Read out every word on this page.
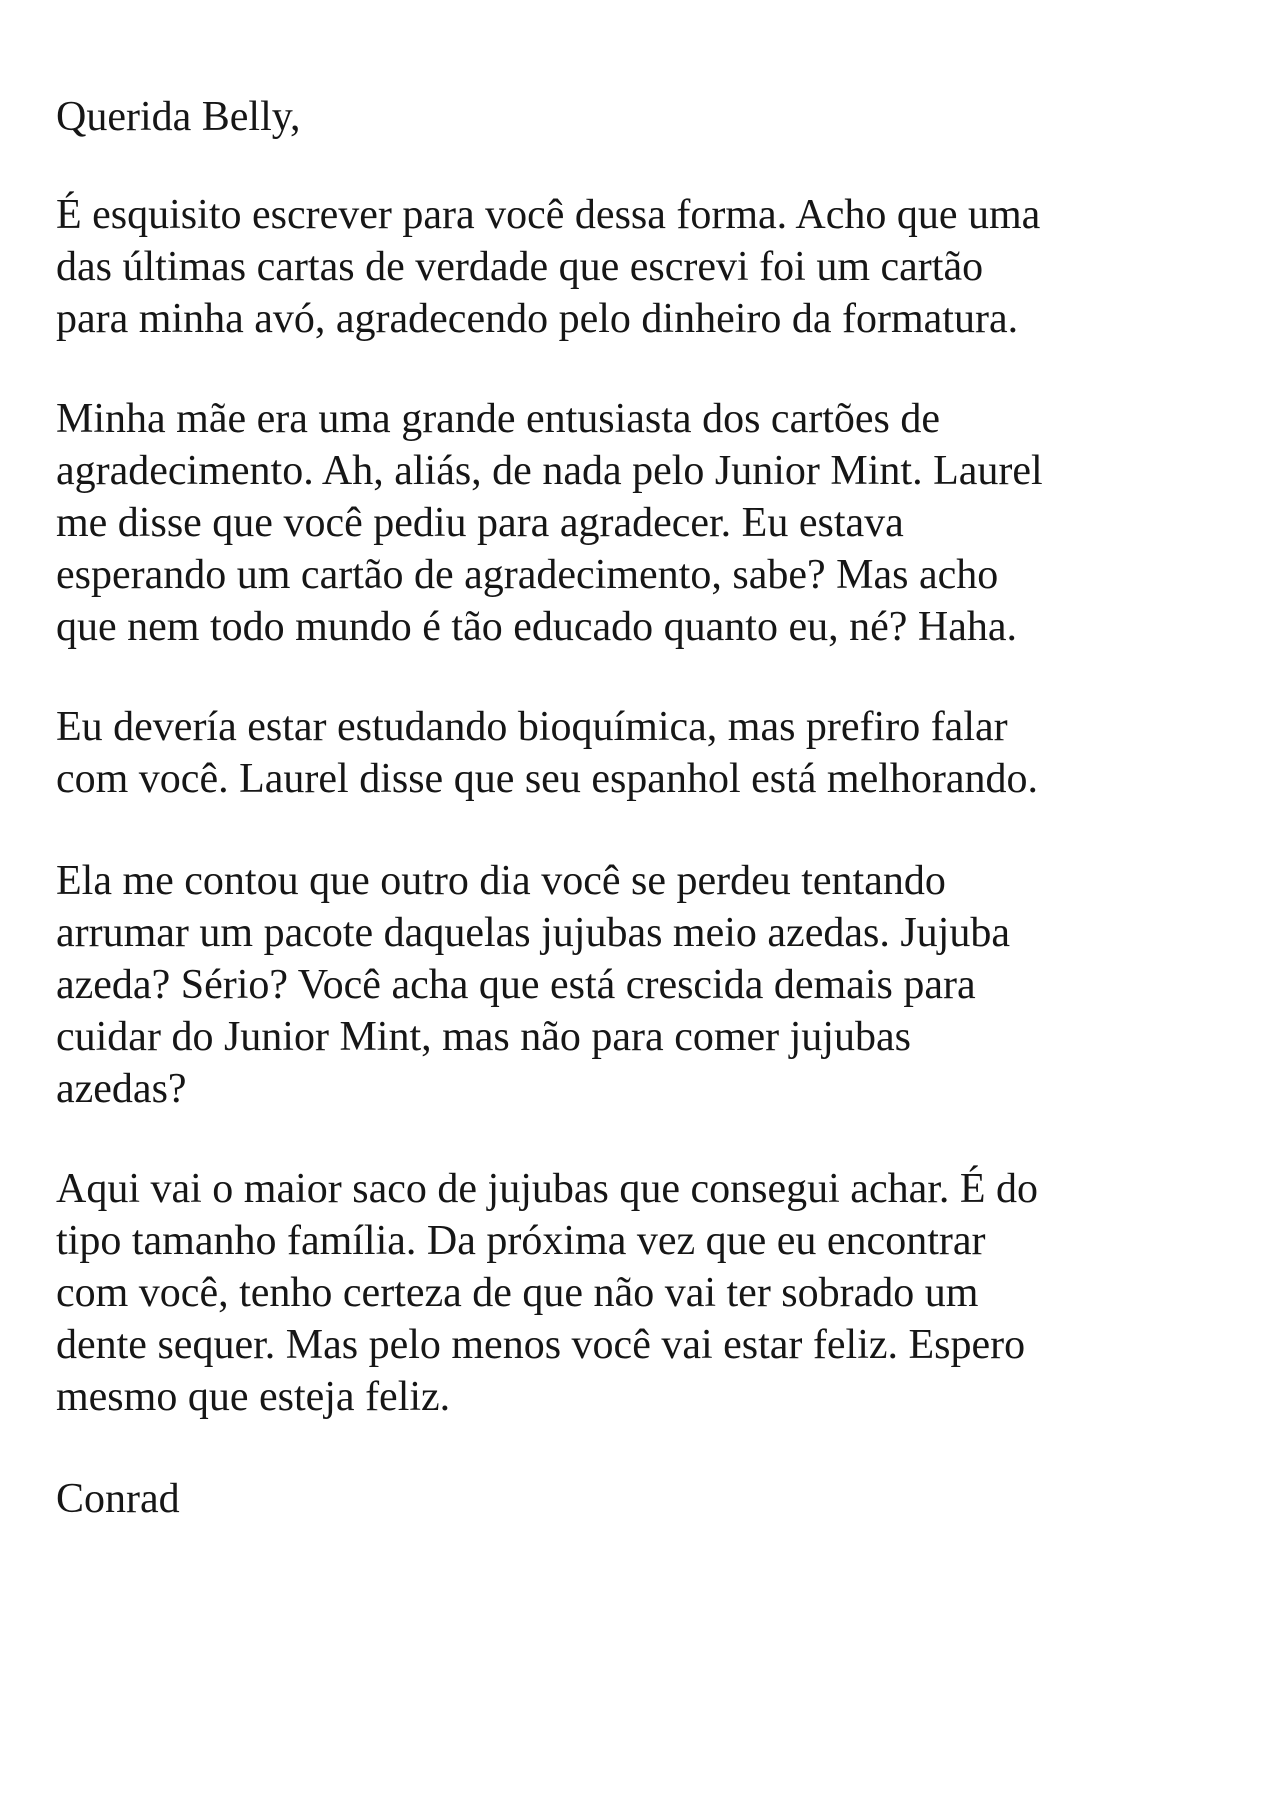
Querida Belly,
É esquisito escrever para você dessa forma. Acho que uma
das últimas cartas de verdade que escrevi foi um cartão
para minha avó, agradecendo pelo dinheiro da formatura.
Minha mãe era uma grande entusiasta dos cartões de
agradecimento. Ah, aliás, de nada pelo Junior Mint. Laurel
me disse que você pediu para agradecer. Eu estava
esperando um cartão de agradecimento, sabe? Mas acho
que nem todo mundo é tão educado quanto eu, né? Haha.
Eu devería estar estudando bioquímica, mas prefiro falar
com você. Laurel disse que seu espanhol está melhorando.
Ela me contou que outro dia você se perdeu tentando
arrumar um pacote daquelas jujubas meio azedas. Jujuba
azeda? Sério? Você acha que está crescida demais para
cuidar do Junior Mint, mas não para comer jujubas
azedas?
Aqui vai o maior saco de jujubas que consegui achar. É do
tipo tamanho família. Da próxima vez que eu encontrar
com você, tenho certeza de que não vai ter sobrado um
dente sequer. Mas pelo menos você vai estar feliz. Espero
mesmo que esteja feliz.
Conrad
